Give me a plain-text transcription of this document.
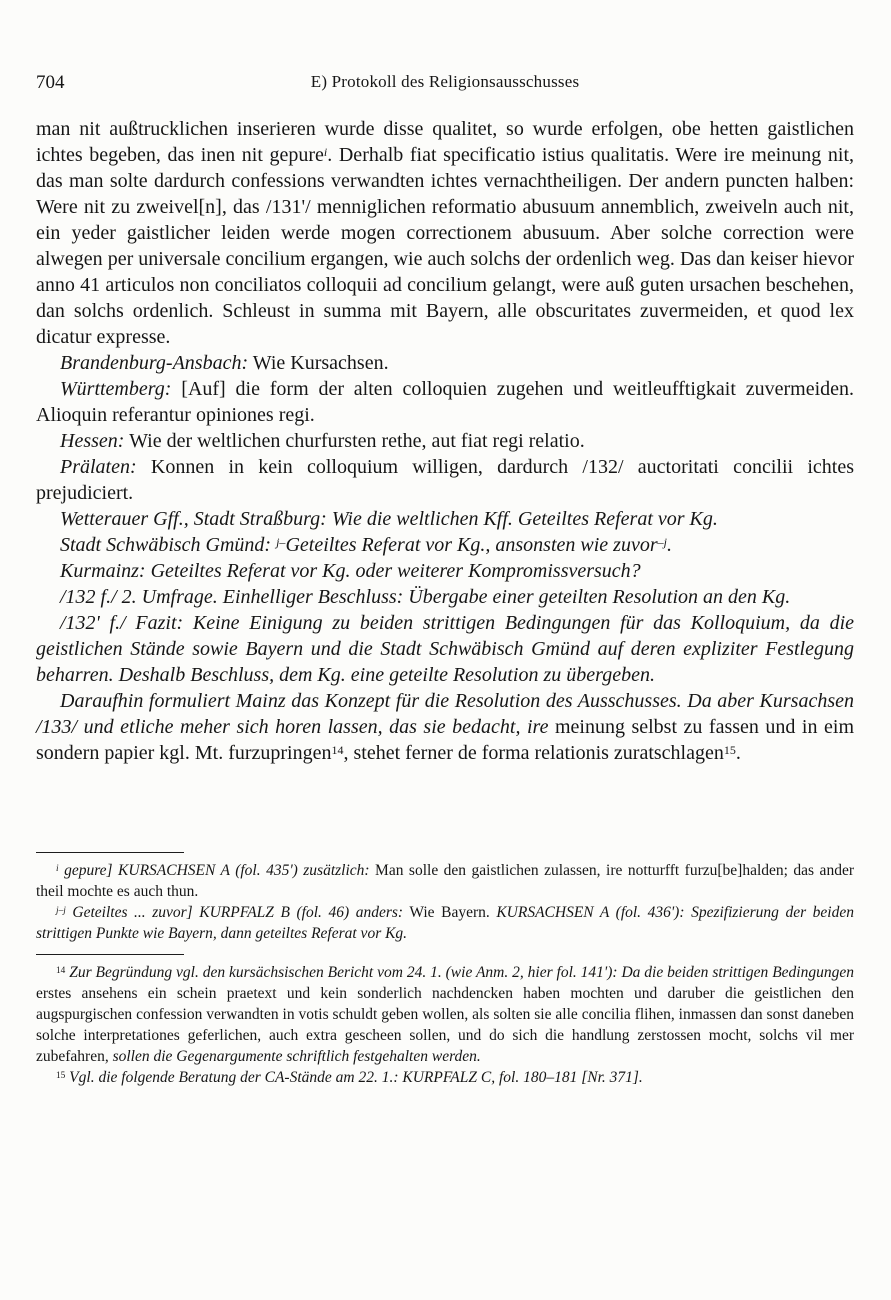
704	E) Protokoll des Religionsausschusses

man nit außtrucklichen inserieren wurde disse qualitet, so wurde erfolgen, obe hetten gaistlichen ichtes begeben, das inen nit gepure$^i$. Derhalb fiat specificatio istius qualitatis. Were ire meinung nit, das man solte dardurch confessions verwandten ichtes vernachtheiligen. Der andern puncten halben: Were nit zu zweivel[n], das /131'/ menniglichen reformatio abusuum annemblich, zweiveln auch nit, ein yeder gaistlicher leiden werde mogen correctionem abusuum. Aber solche correction were alwegen per universale concilium ergangen, wie auch solchs der ordenlich weg. Das dan keiser hievor anno 41 articulos non conciliatos colloquii ad concilium gelangt, were auß guten ursachen beschehen, dan solchs ordenlich. Schleust in summa mit Bayern, alle obscuritates zuvermeiden, et quod lex dicatur expresse.

Brandenburg-Ansbach: Wie Kursachsen.

Württemberg: [Auf] die form der alten colloquien zugehen und weitleufftigkait zuvermeiden. Alioquin referantur opiniones regi.

Hessen: Wie der weltlichen churfursten rethe, aut fiat regi relatio.

Prälaten: Konnen in kein colloquium willigen, dardurch /132/ auctoritati concilii ichtes prejudiciert.

Wetterauer Gff., Stadt Straßburg: Wie die weltlichen Kff. Geteiltes Referat vor Kg.

Stadt Schwäbisch Gmünd: $^{j-}$Geteiltes Referat vor Kg., ansonsten wie zuvor$^{-j}$.

Kurmainz: Geteiltes Referat vor Kg. oder weiterer Kompromissversuch?

/132 f./ 2. Umfrage. Einhelliger Beschluss: Übergabe einer geteilten Resolution an den Kg.

/132' f./ Fazit: Keine Einigung zu beiden strittigen Bedingungen für das Kolloquium, da die geistlichen Stände sowie Bayern und die Stadt Schwäbisch Gmünd auf deren expliziter Festlegung beharren. Deshalb Beschluss, dem Kg. eine geteilte Resolution zu übergeben.

Daraufhin formuliert Mainz das Konzept für die Resolution des Ausschusses. Da aber Kursachsen /133/ und etliche meher sich horen lassen, das sie bedacht, ire meinung selbst zu fassen und in eim sondern papier kgl. Mt. furzupringen$^{14}$, stehet ferner de forma relationis zuratschlagen$^{15}$.

$^i$ gepure] KURSACHSEN A (fol. 435') zusätzlich: Man solle den gaistlichen zulassen, ire notturfft furzu[be]halden; das ander theil mochte es auch thun.

$^{j-j}$ Geteiltes ... zuvor] KURPFALZ B (fol. 46) anders: Wie Bayern. KURSACHSEN A (fol. 436'): Spezifizierung der beiden strittigen Punkte wie Bayern, dann geteiltes Referat vor Kg.

$^{14}$ Zur Begründung vgl. den kursächsischen Bericht vom 24. 1. (wie Anm. 2, hier fol. 141'): Da die beiden strittigen Bedingungen erstes ansehens ein schein praetext und kein sonderlich nachdencken haben mochten und daruber die geistlichen den augspurgischen confession verwandten in votis schuldt geben wollen, als solten sie alle concilia flihen, inmassen dan sonst daneben solche interpretationes geferlichen, auch extra gescheen sollen, und do sich die handlung zerstossen mocht, solchs vil mer zubefahren, sollen die Gegenargumente schriftlich festgehalten werden.

$^{15}$ Vgl. die folgende Beratung der CA-Stände am 22. 1.: KURPFALZ C, fol. 180–181 [Nr. 371].
